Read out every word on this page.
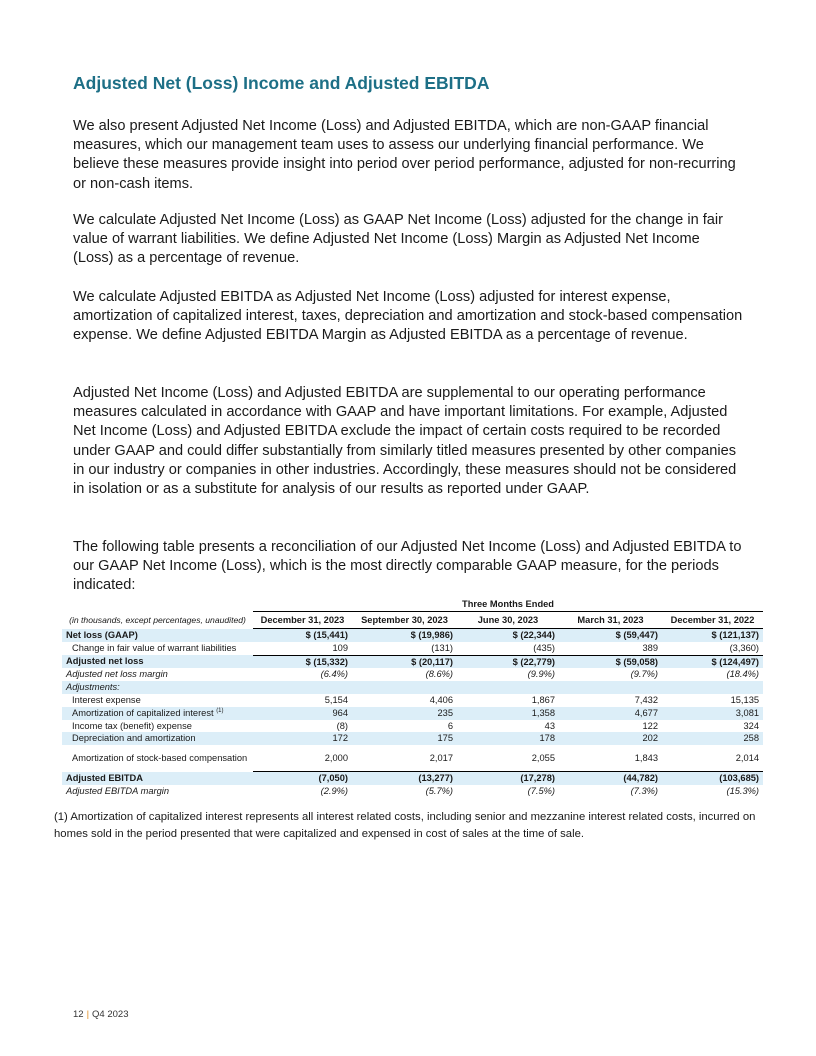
Adjusted Net (Loss) Income and Adjusted EBITDA

We also present Adjusted Net Income (Loss) and Adjusted EBITDA, which are non-GAAP financial measures, which our management team uses to assess our underlying financial performance. We believe these measures provide insight into period over period performance, adjusted for non-recurring or non-cash items.

We calculate Adjusted Net Income (Loss) as GAAP Net Income (Loss) adjusted for the change in fair value of warrant liabilities. We define Adjusted Net Income (Loss) Margin as Adjusted Net Income (Loss) as a percentage of revenue.

We calculate Adjusted EBITDA as Adjusted Net Income (Loss) adjusted for interest expense, amortization of capitalized interest, taxes, depreciation and amortization and stock-based compensation expense. We define Adjusted EBITDA Margin as Adjusted EBITDA as a percentage of revenue.

Adjusted Net Income (Loss) and Adjusted EBITDA are supplemental to our operating performance measures calculated in accordance with GAAP and have important limitations. For example, Adjusted Net Income (Loss) and Adjusted EBITDA exclude the impact of certain costs required to be recorded under GAAP and could differ substantially from similarly titled measures presented by other companies in our industry or companies in other industries. Accordingly, these measures should not be considered in isolation or as a substitute for analysis of our results as reported under GAAP.

The following table presents a reconciliation of our Adjusted Net Income (Loss) and Adjusted EBITDA to our GAAP Net Income (Loss), which is the most directly comparable GAAP measure, for the periods indicated:

	Three Months Ended				
(in thousands, except percentages, unaudited)	December 31, 2023	September 30, 2023	June 30, 2023	March 31, 2023	December 31, 2022
Net loss (GAAP)	$ (15,441)	$ (19,986)	$ (22,344)	$ (59,447)	$ (121,137)
Change in fair value of warrant liabilities	109	(131)	(435)	389	(3,360)
Adjusted net loss	$ (15,332)	$ (20,117)	$ (22,779)	$ (59,058)	$ (124,497)
Adjusted net loss margin	(6.4%)	(8.6%)	(9.9%)	(9.7%)	(18.4%)
Adjustments:					
Interest expense	5,154	4,406	1,867	7,432	15,135
Amortization of capitalized interest $^{(1)}$	964	235	1,358	4,677	3,081
Income tax (benefit) expense	(8)	6	43	122	324
Depreciation and amortization	172	175	178	202	258
Amortization of stock-based compensation	2,000	2,017	2,055	1,843	2,014
Adjusted EBITDA	(7,050)	(13,277)	(17,278)	(44,782)	(103,685)
Adjusted EBITDA margin	(2.9%)	(5.7%)	(7.5%)	(7.3%)	(15.3%)

(1) Amortization of capitalized interest represents all interest related costs, including senior and mezzanine interest related costs, incurred on homes sold in the period presented that were capitalized and expensed in cost of sales at the time of sale.

12 | Q4 2023
